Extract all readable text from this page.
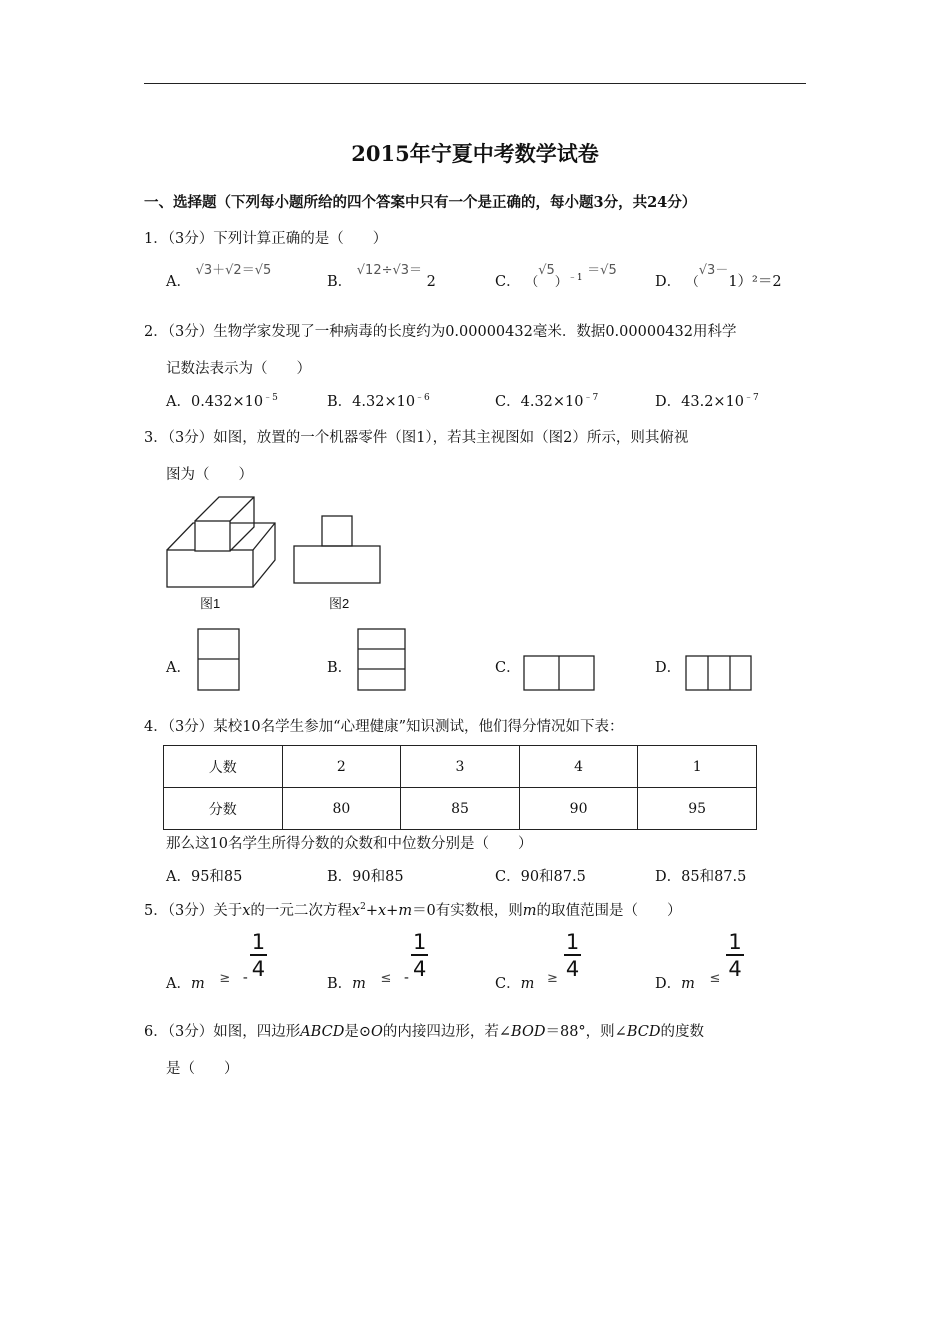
2015年宁夏中考数学试卷
一、选择题（下列每小题所给的四个答案中只有一个是正确的，每小题3分，共24分）
1．（3分）下列计算正确的是（　　）
A． √3＋√2＝√5
B． √12÷√3＝ 2	C． $(√5)^{﹣1} =√5$
D． （√3－1）²＝2
2．（3分）生物学家发现了一种病毒的长度约为0.00000432毫米．数据0.00000432用科学
记数法表示为（　　）
A．$0.432\times 10^{﹣5}$	B．$4.32\times 10^{﹣6}$	C．$4.32\times 10^{﹣7}$	D．$43.2\times 10^{﹣7}$
3．（3分）如图，放置的一个机器零件（图1），若其主视图如（图2）所示，则其俯视
图为（　　）
图1	图2
A．	B．	C．	D．
4．（3分）某校10名学生参加“心理健康”知识测试，他们得分情况如下表：
人数	2	3	4	1
分数	80	85	90	95
那么这10名学生所得分数的众数和中位数分别是（　　）
A．95和85	B．90和85	C．90和87.5	D．85和87.5
5．（3分）关于x的一元二次方程$x^2+x+m=0$有实数根，则m的取值范围是（　　）
A．m ≥ - $\frac{1}{4}$
B．m ≤ - $\frac{1}{4}$
C．$m \ge \frac{1}{4}$
D．$m \le \frac{1}{4}$
6．（3分）如图，四边形ABCD是⊙O的内接四边形，若∠BOD＝88°，则∠BCD的度数
是（　　）
